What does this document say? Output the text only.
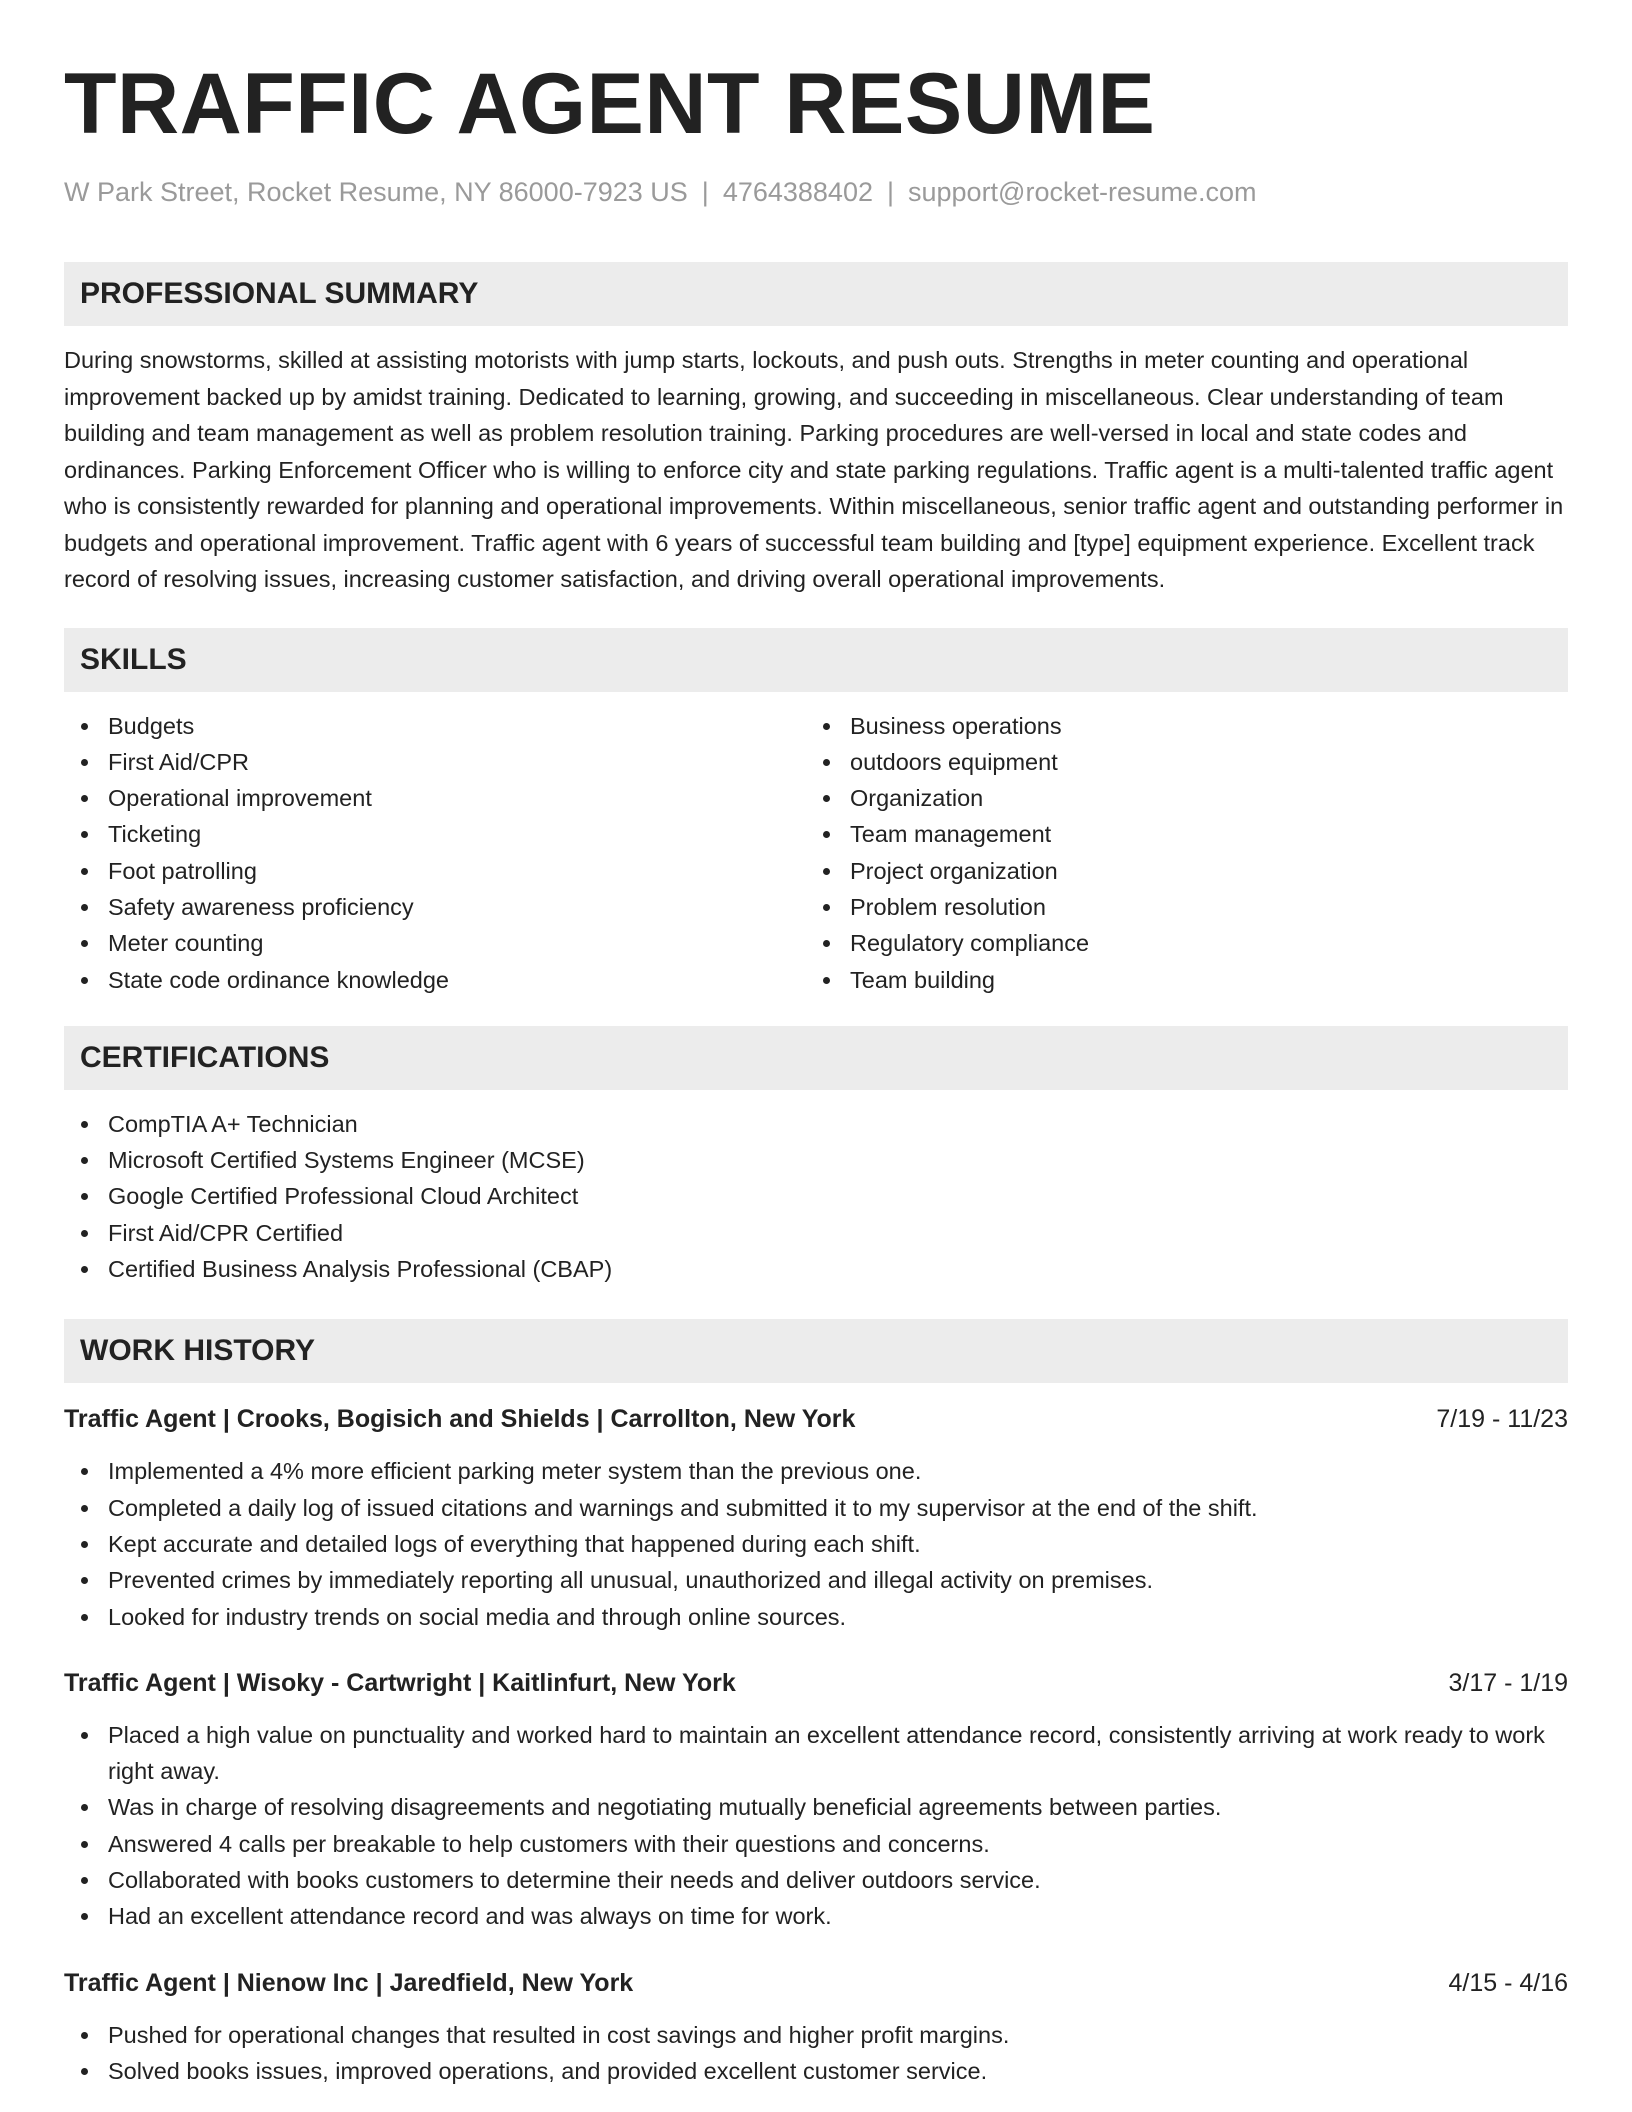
TRAFFIC AGENT RESUME
W Park Street, Rocket Resume, NY 86000-7923 US | 4764388402 | support@rocket-resume.com
PROFESSIONAL SUMMARY

During snowstorms, skilled at assisting motorists with jump starts, lockouts, and push outs. Strengths in meter counting and operational improvement backed up by amidst training. Dedicated to learning, growing, and succeeding in miscellaneous. Clear understanding of team building and team management as well as problem resolution training. Parking procedures are well-versed in local and state codes and ordinances. Parking Enforcement Officer who is willing to enforce city and state parking regulations. Traffic agent is a multi-talented traffic agent who is consistently rewarded for planning and operational improvements. Within miscellaneous, senior traffic agent and outstanding performer in budgets and operational improvement. Traffic agent with 6 years of successful team building and [type] equipment experience. Excellent track record of resolving issues, increasing customer satisfaction, and driving overall operational improvements.

SKILLS
Budgets
First Aid/CPR
Operational improvement
Ticketing
Foot patrolling
Safety awareness proficiency
Meter counting
State code ordinance knowledge
Business operations
outdoors equipment
Organization
Team management
Project organization
Problem resolution
Regulatory compliance
Team building
CERTIFICATIONS
CompTIA A+ Technician
Microsoft Certified Systems Engineer (MCSE)
Google Certified Professional Cloud Architect
First Aid/CPR Certified
Certified Business Analysis Professional (CBAP)
WORK HISTORY
Traffic Agent | Crooks, Bogisich and Shields | Carrollton, New York	7/19 - 11/23
Implemented a 4% more efficient parking meter system than the previous one.
Completed a daily log of issued citations and warnings and submitted it to my supervisor at the end of the shift.
Kept accurate and detailed logs of everything that happened during each shift.
Prevented crimes by immediately reporting all unusual, unauthorized and illegal activity on premises.
Looked for industry trends on social media and through online sources.
Traffic Agent | Wisoky - Cartwright | Kaitlinfurt, New York	3/17 - 1/19
Placed a high value on punctuality and worked hard to maintain an excellent attendance record, consistently arriving at work ready to work right away.
Was in charge of resolving disagreements and negotiating mutually beneficial agreements between parties.
Answered 4 calls per breakable to help customers with their questions and concerns.
Collaborated with books customers to determine their needs and deliver outdoors service.
Had an excellent attendance record and was always on time for work.
Traffic Agent | Nienow Inc | Jaredfield, New York	4/15 - 4/16
Pushed for operational changes that resulted in cost savings and higher profit margins.
Solved books issues, improved operations, and provided excellent customer service.
